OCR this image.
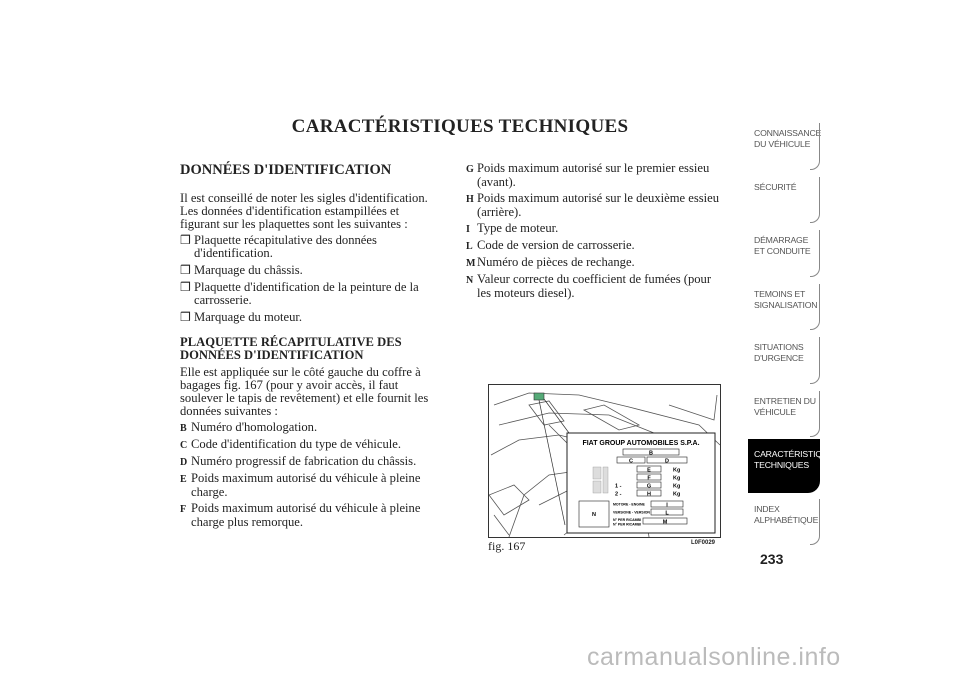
CARACTÉRISTIQUES TECHNIQUES
DONNÉES D'IDENTIFICATION

Il est conseillé de noter les sigles d'identification. Les données d'identification estampillées et figurant sur les plaquettes sont les suivantes :

❒ Plaquette récapitulative des données d'identification.
❒ Marquage du châssis.
❒ Plaquette d'identification de la peinture de la carrosserie.
❒ Marquage du moteur.
PLAQUETTE RÉCAPITULATIVE DES DONNÉES D'IDENTIFICATION

Elle est appliquée sur le côté gauche du coffre à bagages fig. 167 (pour y avoir accès, il faut soulever le tapis de revêtement) et elle fournit les données suivantes :

B Numéro d'homologation.
C Code d'identification du type de véhicule.
D Numéro progressif de fabrication du châssis.
E Poids maximum autorisé du véhicule à pleine charge.
F Poids maximum autorisé du véhicule à pleine charge plus remorque.
G Poids maximum autorisé sur le premier essieu (avant).
H Poids maximum autorisé sur le deuxième essieu (arrière).
I Type de moteur.
L Code de version de carrosserie.
M Numéro de pièces de rechange.
N Valeur correcte du coefficient de fumées (pour les moteurs diesel).
FIAT GROUP AUTOMOBILES S.P.A.
B
C	D
E	Kg
F	Kg
1 -	G	Kg
2 -	H	Kg
N
MOTORE - ENGINE	I
VERSIONE - VERSION	L
N° PER RICAMBI
N° PER RICAMBI	M
fig. 167	L0F0029
CONNAISSANCE DU VÉHICULE
SÉCURITÉ
DÉMARRAGE ET CONDUITE
TEMOINS ET SIGNALISATION
SITUATIONS D'URGENCE
ENTRETIEN DU VÉHICULE
CARACTÉRISTIQUES TECHNIQUES
INDEX ALPHABÉTIQUE
233
carmanualsonline.info
